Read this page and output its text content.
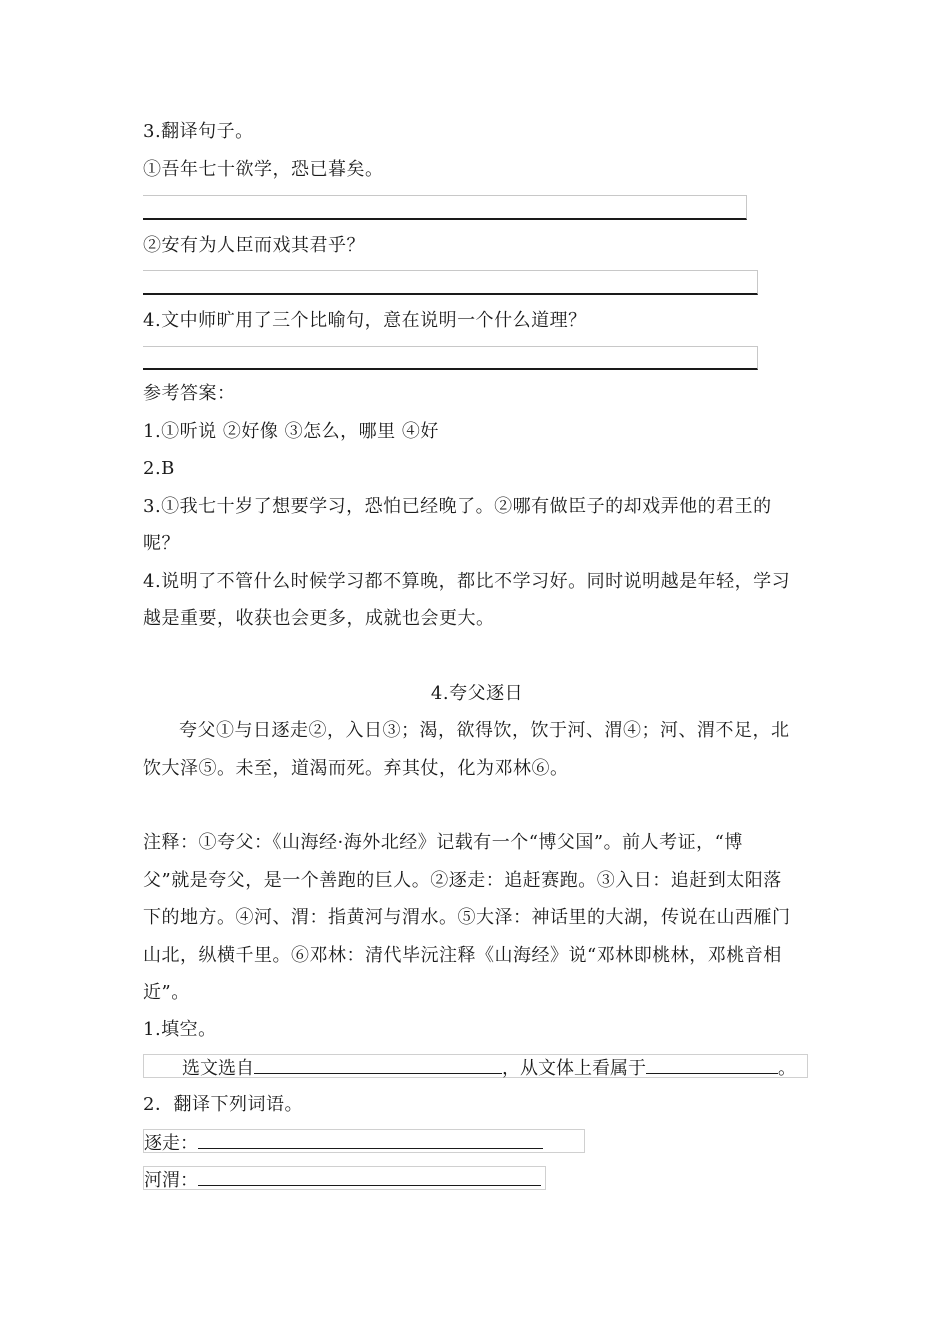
3.翻译句子。
①吾年七十欲学，恐已暮矣。
②安有为人臣而戏其君乎？
4.文中师旷用了三个比喻句，意在说明一个什么道理？
参考答案：
1.①听说 ②好像 ③怎么，哪里 ④好
2.B
3.①我七十岁了想要学习，恐怕已经晚了。②哪有做臣子的却戏弄他的君王的
呢？
4.说明了不管什么时候学习都不算晚，都比不学习好。同时说明越是年轻，学习
越是重要，收获也会更多，成就也会更大。
4.夸父逐日
夸父①与日逐走②，入日③；渴，欲得饮，饮于河、渭④；河、渭不足，北
饮大泽⑤。未至，道渴而死。弃其仗，化为邓林⑥。
注释：①夸父：《山海经·海外北经》记载有一个“博父国”。前人考证，“博
父”就是夸父，是一个善跑的巨人。②逐走：追赶赛跑。③入日：追赶到太阳落
下的地方。④河、渭：指黄河与渭水。⑤大泽：神话里的大湖，传说在山西雁门
山北，纵横千里。⑥邓林：清代毕沅注释《山海经》说“邓林即桃林，邓桃音相
近”。
1.填空。
选文选自	，从文体上看属于	。
2．翻译下列词语。
逐走：
河渭：
